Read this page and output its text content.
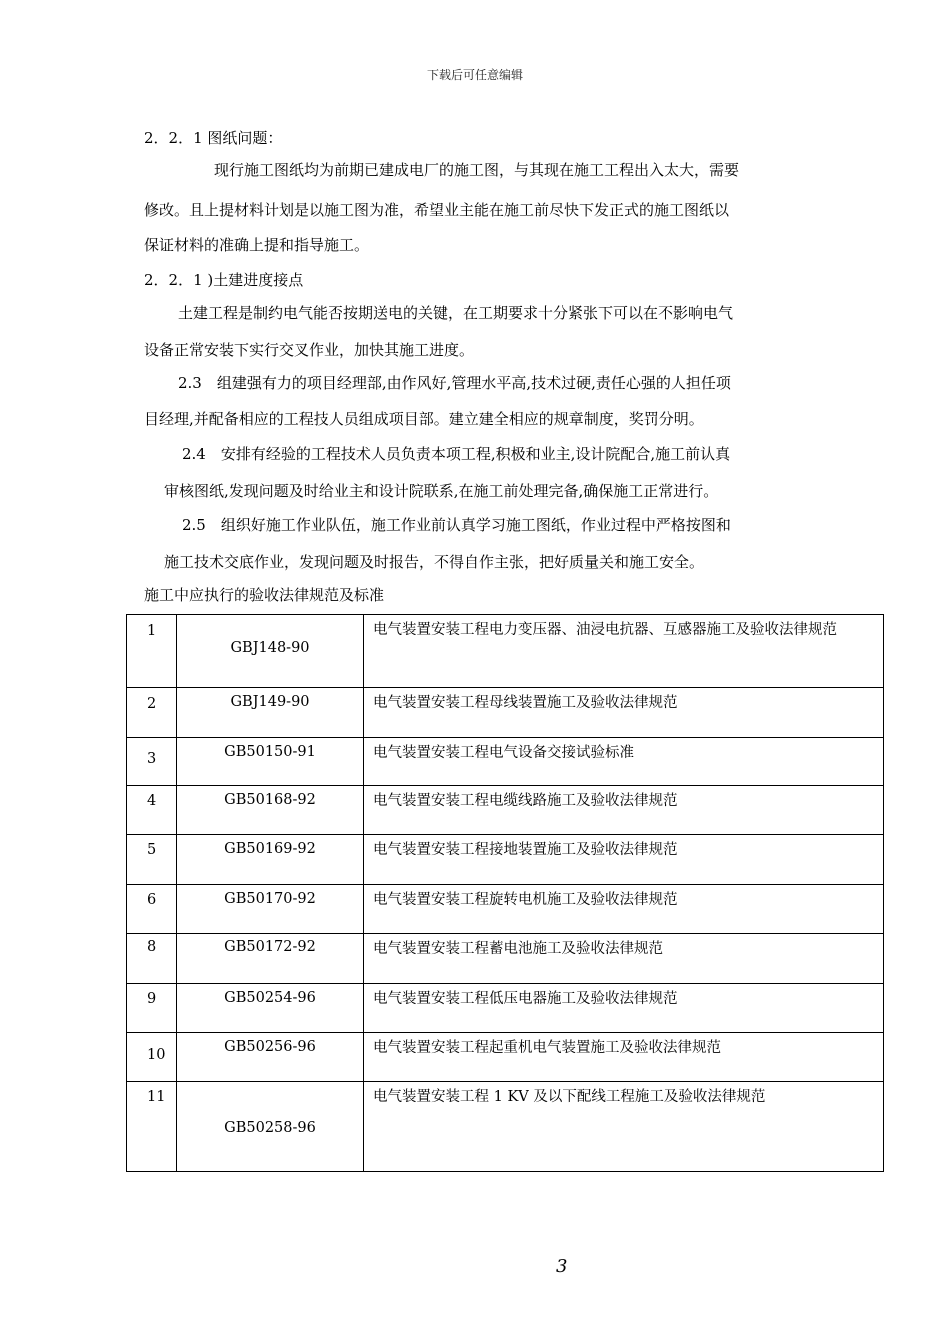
下载后可任意编辑
2．2．1 图纸问题：
现行施工图纸均为前期已建成电厂的施工图，与其现在施工工程出入太大，需要
修改。且上提材料计划是以施工图为准，希望业主能在施工前尽快下发正式的施工图纸以
保证材料的准确上提和指导施工。
2．2．1 )土建进度接点
土建工程是制约电气能否按期送电的关键，在工期要求十分紧张下可以在不影响电气
设备正常安装下实行交叉作业，加快其施工进度。
2.3　组建强有力的项目经理部,由作风好,管理水平高,技术过硬,责任心强的人担任项
目经理,并配备相应的工程技人员组成项目部。建立建全相应的规章制度，奖罚分明。
2.4　安排有经验的工程技术人员负责本项工程,积极和业主,设计院配合,施工前认真
审核图纸,发现问题及时给业主和设计院联系,在施工前处理完备,确保施工正常进行。
2.5　组织好施工作业队伍，施工作业前认真学习施工图纸，作业过程中严格按图和
施工技术交底作业，发现问题及时报告，不得自作主张，把好质量关和施工安全。
施工中应执行的验收法律规范及标准
1	GBJ148-90	电气装置安装工程电力变压器、油浸电抗器、互感器施工及验收法律规范
2	GBJ149-90	电气装置安装工程母线装置施工及验收法律规范
3	GB50150-91	电气装置安装工程电气设备交接试验标准
4	GB50168-92	电气装置安装工程电缆线路施工及验收法律规范
5	GB50169-92	电气装置安装工程接地装置施工及验收法律规范
6	GB50170-92	电气装置安装工程旋转电机施工及验收法律规范
8	GB50172-92	电气装置安装工程蓄电池施工及验收法律规范
9	GB50254-96	电气装置安装工程低压电器施工及验收法律规范
10	GB50256-96	电气装置安装工程起重机电气装置施工及验收法律规范
11	GB50258-96	电气装置安装工程 1 KV 及以下配线工程施工及验收法律规范
3
